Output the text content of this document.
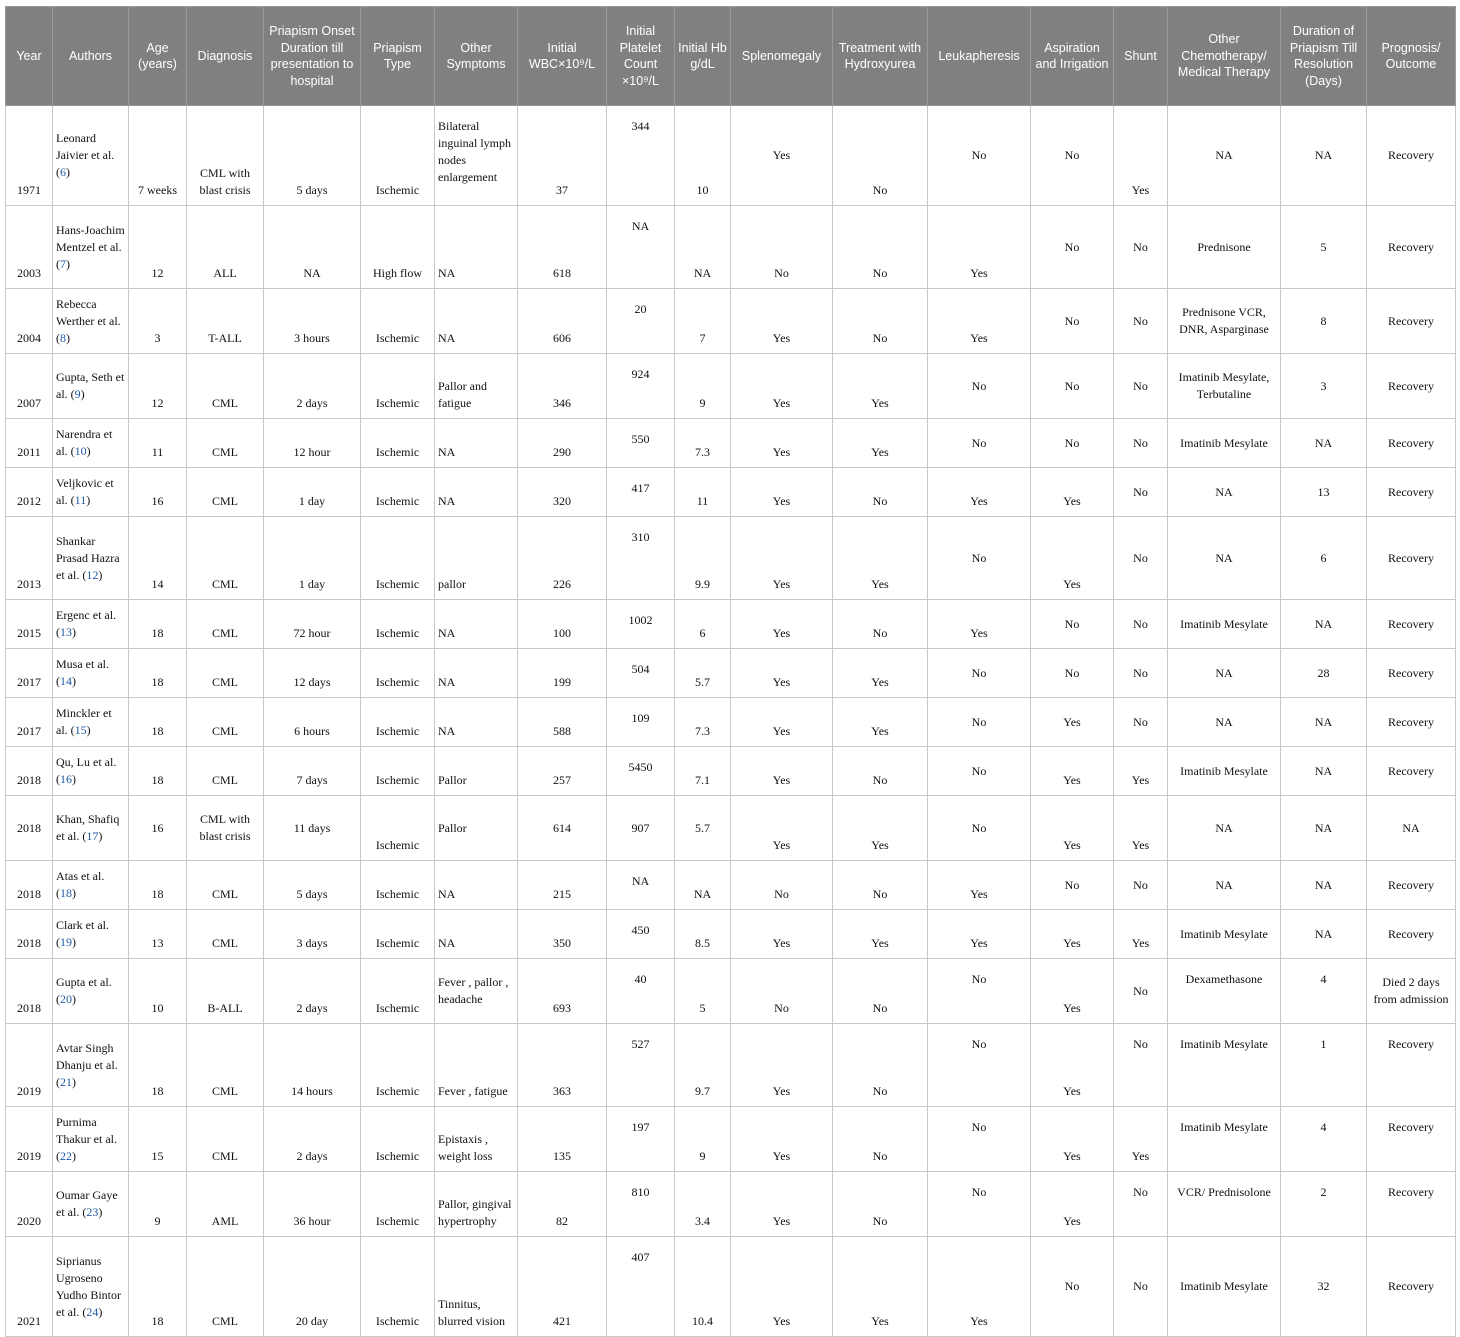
Year	Authors	Age (years)	Diagnosis	Priapism Onset Duration till presentation to hospital	Priapism Type	Other Symptoms	Initial WBC×10⁹/L	Initial Platelet Count ×10⁹/L	Initial Hb g/dL	Splenomegaly	Treatment with Hydroxyurea	Leukapheresis	Aspiration and Irrigation	Shunt	Other Chemotherapy/ Medical Therapy	Duration of Priapism Till Resolution (Days)	Prognosis/ Outcome
1971	Leonard Jaivier et al. (6)	7 weeks	CML with blast crisis	5 days	Ischemic	Bilateral inguinal lymph nodes enlargement	37	344	10	Yes	No	No	No	Yes	NA	NA	Recovery
2003	Hans-Joachim Mentzel et al. (7)	12	ALL	NA	High flow	NA	618	NA	NA	No	No	Yes	No	No	Prednisone	5	Recovery
2004	Rebecca Werther et al. (8)	3	T-ALL	3 hours	Ischemic	NA	606	20	7	Yes	No	Yes	No	No	Prednisone VCR, DNR, Asparginase	8	Recovery
2007	Gupta, Seth et al. (9)	12	CML	2 days	Ischemic	Pallor and fatigue	346	924	9	Yes	Yes	No	No	No	Imatinib Mesylate, Terbutaline	3	Recovery
2011	Narendra et al. (10)	11	CML	12 hour	Ischemic	NA	290	550	7.3	Yes	Yes	No	No	No	Imatinib Mesylate	NA	Recovery
2012	Veljkovic et al. (11)	16	CML	1 day	Ischemic	NA	320	417	11	Yes	No	Yes	Yes	No	NA	13	Recovery
2013	Shankar Prasad Hazra et al. (12)	14	CML	1 day	Ischemic	pallor	226	310	9.9	Yes	Yes	No	Yes	No	NA	6	Recovery
2015	Ergenc et al. (13)	18	CML	72 hour	Ischemic	NA	100	1002	6	Yes	No	Yes	No	No	Imatinib Mesylate	NA	Recovery
2017	Musa et al. (14)	18	CML	12 days	Ischemic	NA	199	504	5.7	Yes	Yes	No	No	No	NA	28	Recovery
2017	Minckler et al. (15)	18	CML	6 hours	Ischemic	NA	588	109	7.3	Yes	Yes	No	Yes	No	NA	NA	Recovery
2018	Qu, Lu et al. (16)	18	CML	7 days	Ischemic	Pallor	257	5450	7.1	Yes	No	No	Yes	Yes	Imatinib Mesylate	NA	Recovery
2018	Khan, Shafiq et al. (17)	16	CML with blast crisis	11 days	Ischemic	Pallor	614	907	5.7	Yes	Yes	No	Yes	Yes	NA	NA	NA
2018	Atas et al. (18)	18	CML	5 days	Ischemic	NA	215	NA	NA	No	No	Yes	No	No	NA	NA	Recovery
2018	Clark et al. (19)	13	CML	3 days	Ischemic	NA	350	450	8.5	Yes	Yes	Yes	Yes	Yes	Imatinib Mesylate	NA	Recovery
2018	Gupta et al. (20)	10	B-ALL	2 days	Ischemic	Fever , pallor , headache	693	40	5	No	No	No	Yes	No	Dexamethasone	4	Died 2 days from admission
2019	Avtar Singh Dhanju et al. (21)	18	CML	14 hours	Ischemic	Fever , fatigue	363	527	9.7	Yes	No	No	Yes	No	Imatinib Mesylate	1	Recovery
2019	Purnima Thakur et al. (22)	15	CML	2 days	Ischemic	Epistaxis , weight loss	135	197	9	Yes	No	No	Yes	Yes	Imatinib Mesylate	4	Recovery
2020	Oumar Gaye et al. (23)	9	AML	36 hour	Ischemic	Pallor, gingival hypertrophy	82	810	3.4	Yes	No	No	Yes	No	VCR/ Prednisolone	2	Recovery
2021	Siprianus Ugroseno Yudho Bintor et al. (24)	18	CML	20 day	Ischemic	Tinnitus, blurred vision	421	407	10.4	Yes	Yes	Yes	No	No	Imatinib Mesylate	32	Recovery
